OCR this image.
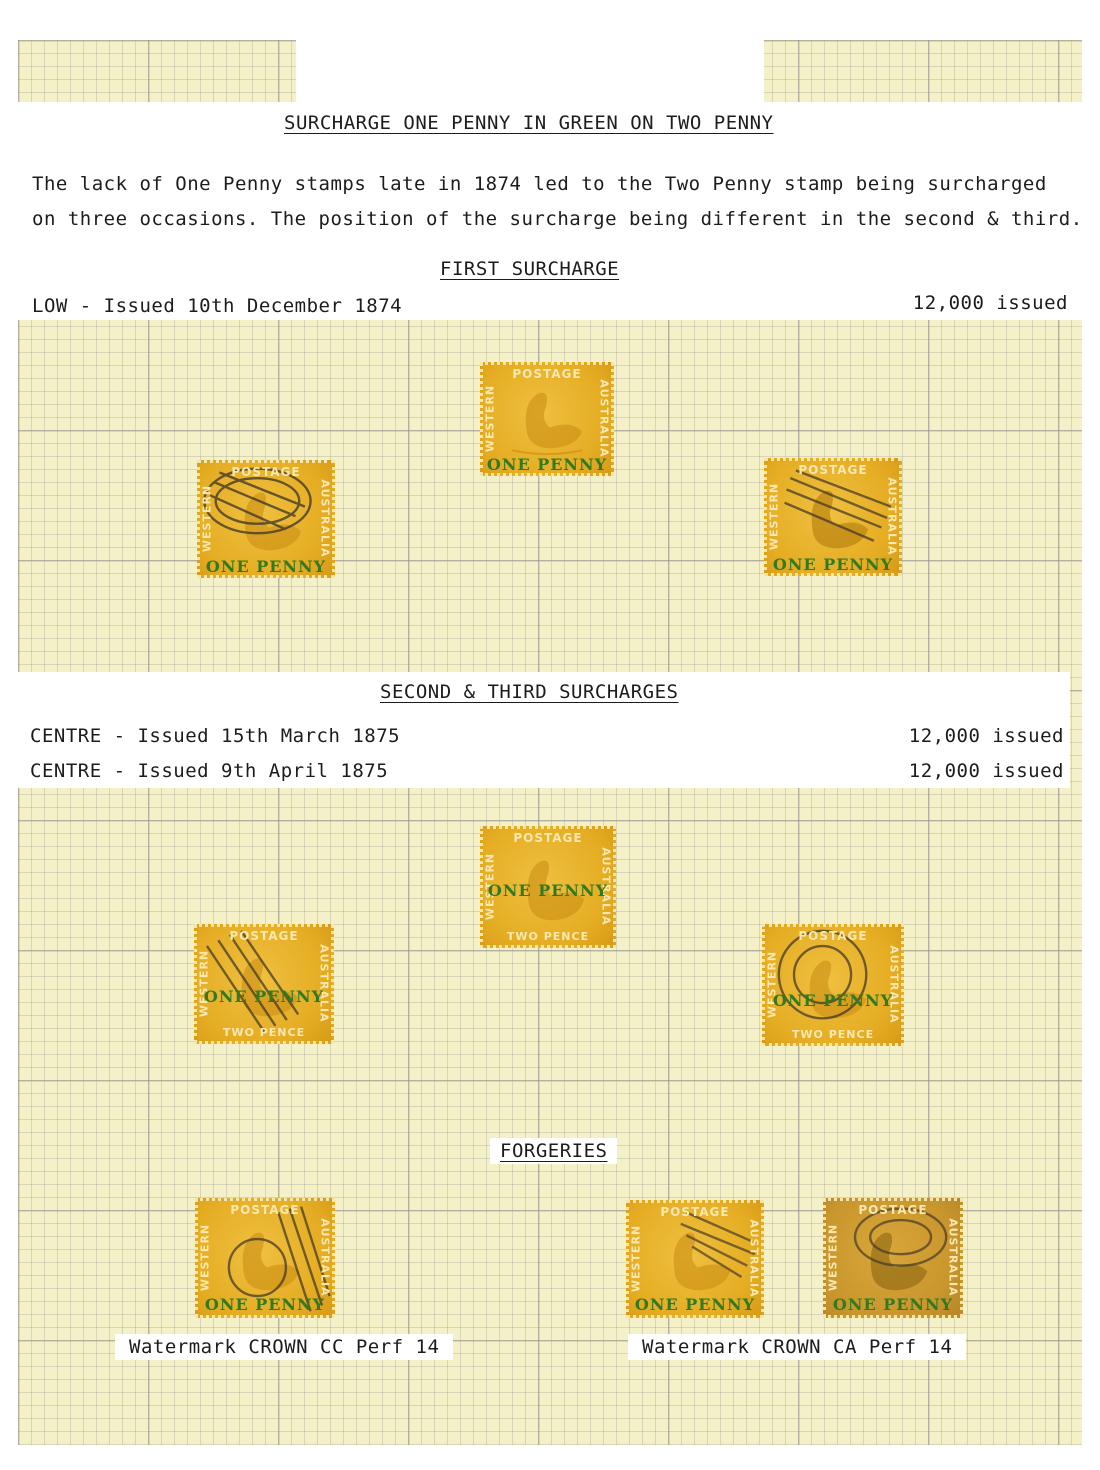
SURCHARGE ONE PENNY IN GREEN ON TWO PENNY
The lack of One Penny stamps late in 1874 led to the Two Penny stamp being surcharged
on three occasions. The position of the surcharge being different in the second & third.
FIRST SURCHARGE
LOW - Issued 10th December 1874	12,000 issued
SECOND & THIRD SURCHARGES
CENTRE - Issued 15th March 1875	12,000 issued
CENTRE - Issued 9th April 1875	12,000 issued
FORGERIES
Watermark CROWN CC Perf 14	Watermark CROWN CA Perf 14
POSTAGE
WESTERN	AUSTRALIA
ONE PENNY
POSTAGE
WESTERN	AUSTRALIA
ONE PENNY
POSTAGE
WESTERN	AUSTRALIA
ONE PENNY
POSTAGE
WESTERN	AUSTRALIA
TWO PENCE
ONE PENNY
POSTAGE
WESTERN	AUSTRALIA
TWO PENCE
ONE PENNY
POSTAGE
WESTERN	AUSTRALIA
TWO PENCE
ONE PENNY
POSTAGE
WESTERN	AUSTRALIA
ONE PENNY
POSTAGE
WESTERN	AUSTRALIA
ONE PENNY
POSTAGE
WESTERN	AUSTRALIA
ONE PENNY
